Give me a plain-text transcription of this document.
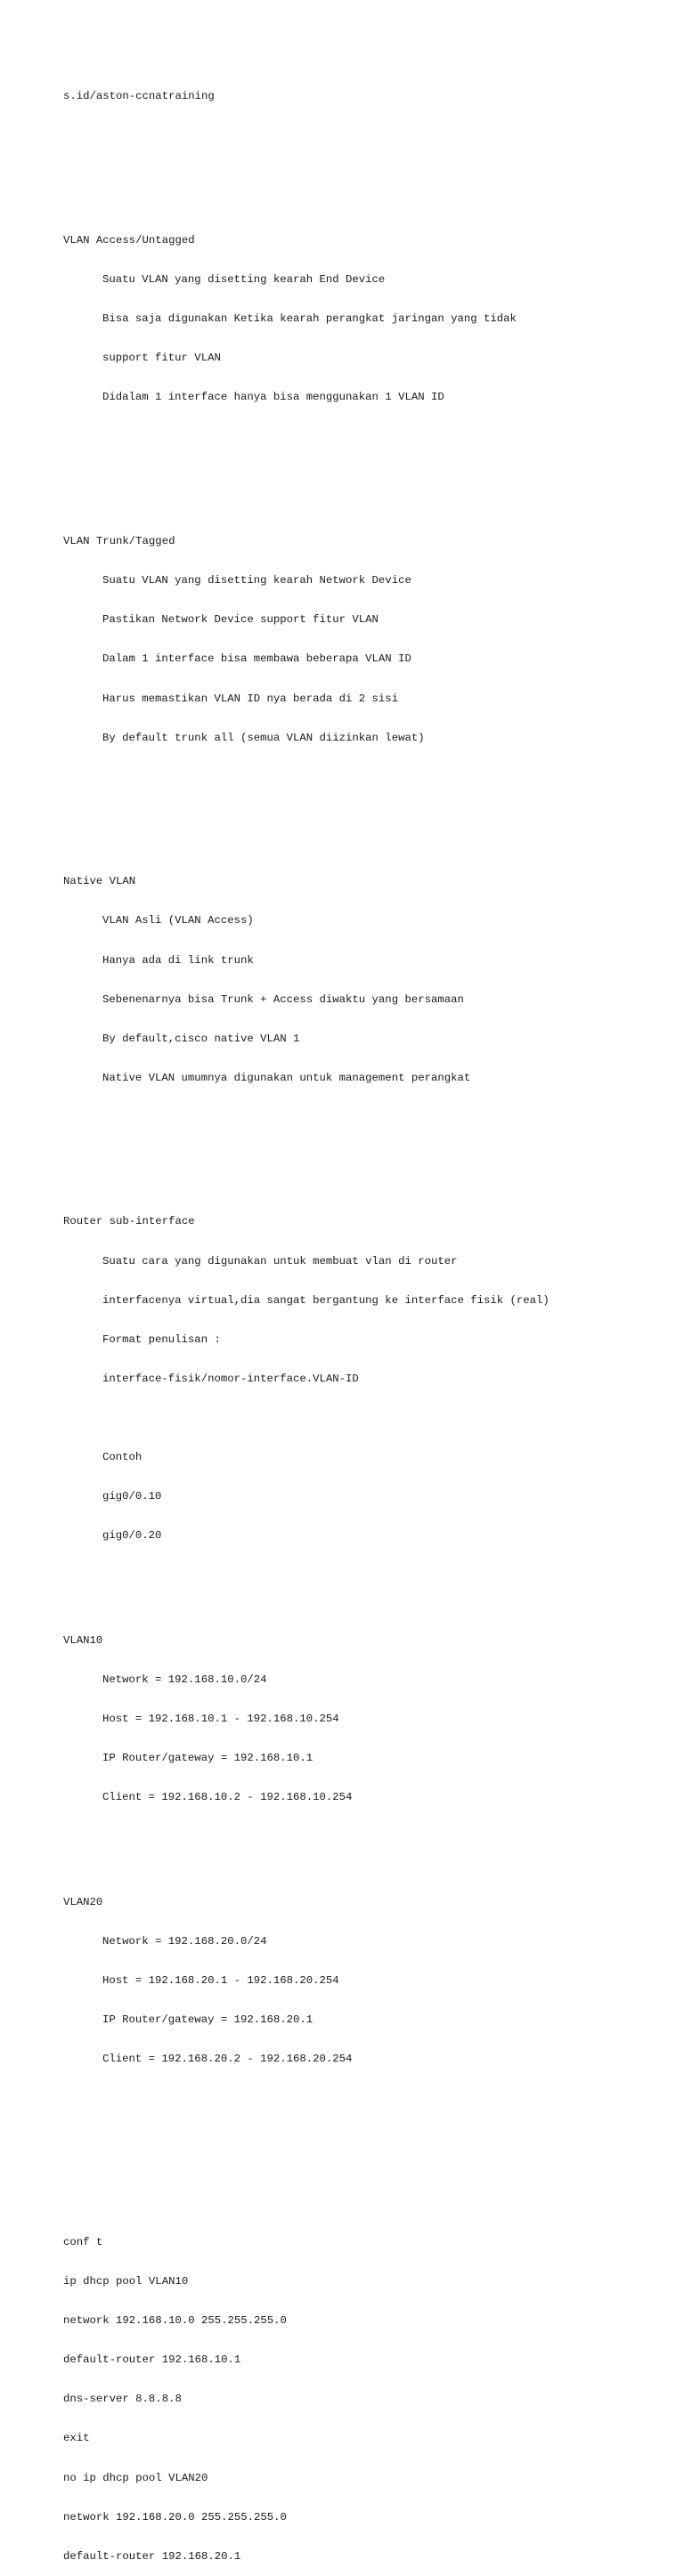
s.id/aston-ccnatraining

VLAN Access/Untagged

Suatu VLAN yang disetting kearah End Device

Bisa saja digunakan Ketika kearah perangkat jaringan yang tidak

support fitur VLAN

Didalam 1 interface hanya bisa menggunakan 1 VLAN ID

VLAN Trunk/Tagged

Suatu VLAN yang disetting kearah Network Device

Pastikan Network Device support fitur VLAN

Dalam 1 interface bisa membawa beberapa VLAN ID

Harus memastikan VLAN ID nya berada di 2 sisi

By default trunk all (semua VLAN diizinkan lewat)

Native VLAN

VLAN Asli (VLAN Access)

Hanya ada di link trunk

Sebenenarnya bisa Trunk + Access diwaktu yang bersamaan

By default,cisco native VLAN 1

Native VLAN umumnya digunakan untuk management perangkat

Router sub-interface

Suatu cara yang digunakan untuk membuat vlan di router

interfacenya virtual,dia sangat bergantung ke interface fisik (real)

Format penulisan :

interface-fisik/nomor-interface.VLAN-ID

Contoh

gig0/0.10

gig0/0.20

VLAN10

Network = 192.168.10.0/24

Host = 192.168.10.1 - 192.168.10.254

IP Router/gateway = 192.168.10.1

Client = 192.168.10.2 - 192.168.10.254

VLAN20

Network = 192.168.20.0/24

Host = 192.168.20.1 - 192.168.20.254

IP Router/gateway = 192.168.20.1

Client = 192.168.20.2 - 192.168.20.254

conf t

ip dhcp pool VLAN10

network 192.168.10.0 255.255.255.0

default-router 192.168.10.1

dns-server 8.8.8.8

exit

no ip dhcp pool VLAN20

network 192.168.20.0 255.255.255.0

default-router 192.168.20.1
